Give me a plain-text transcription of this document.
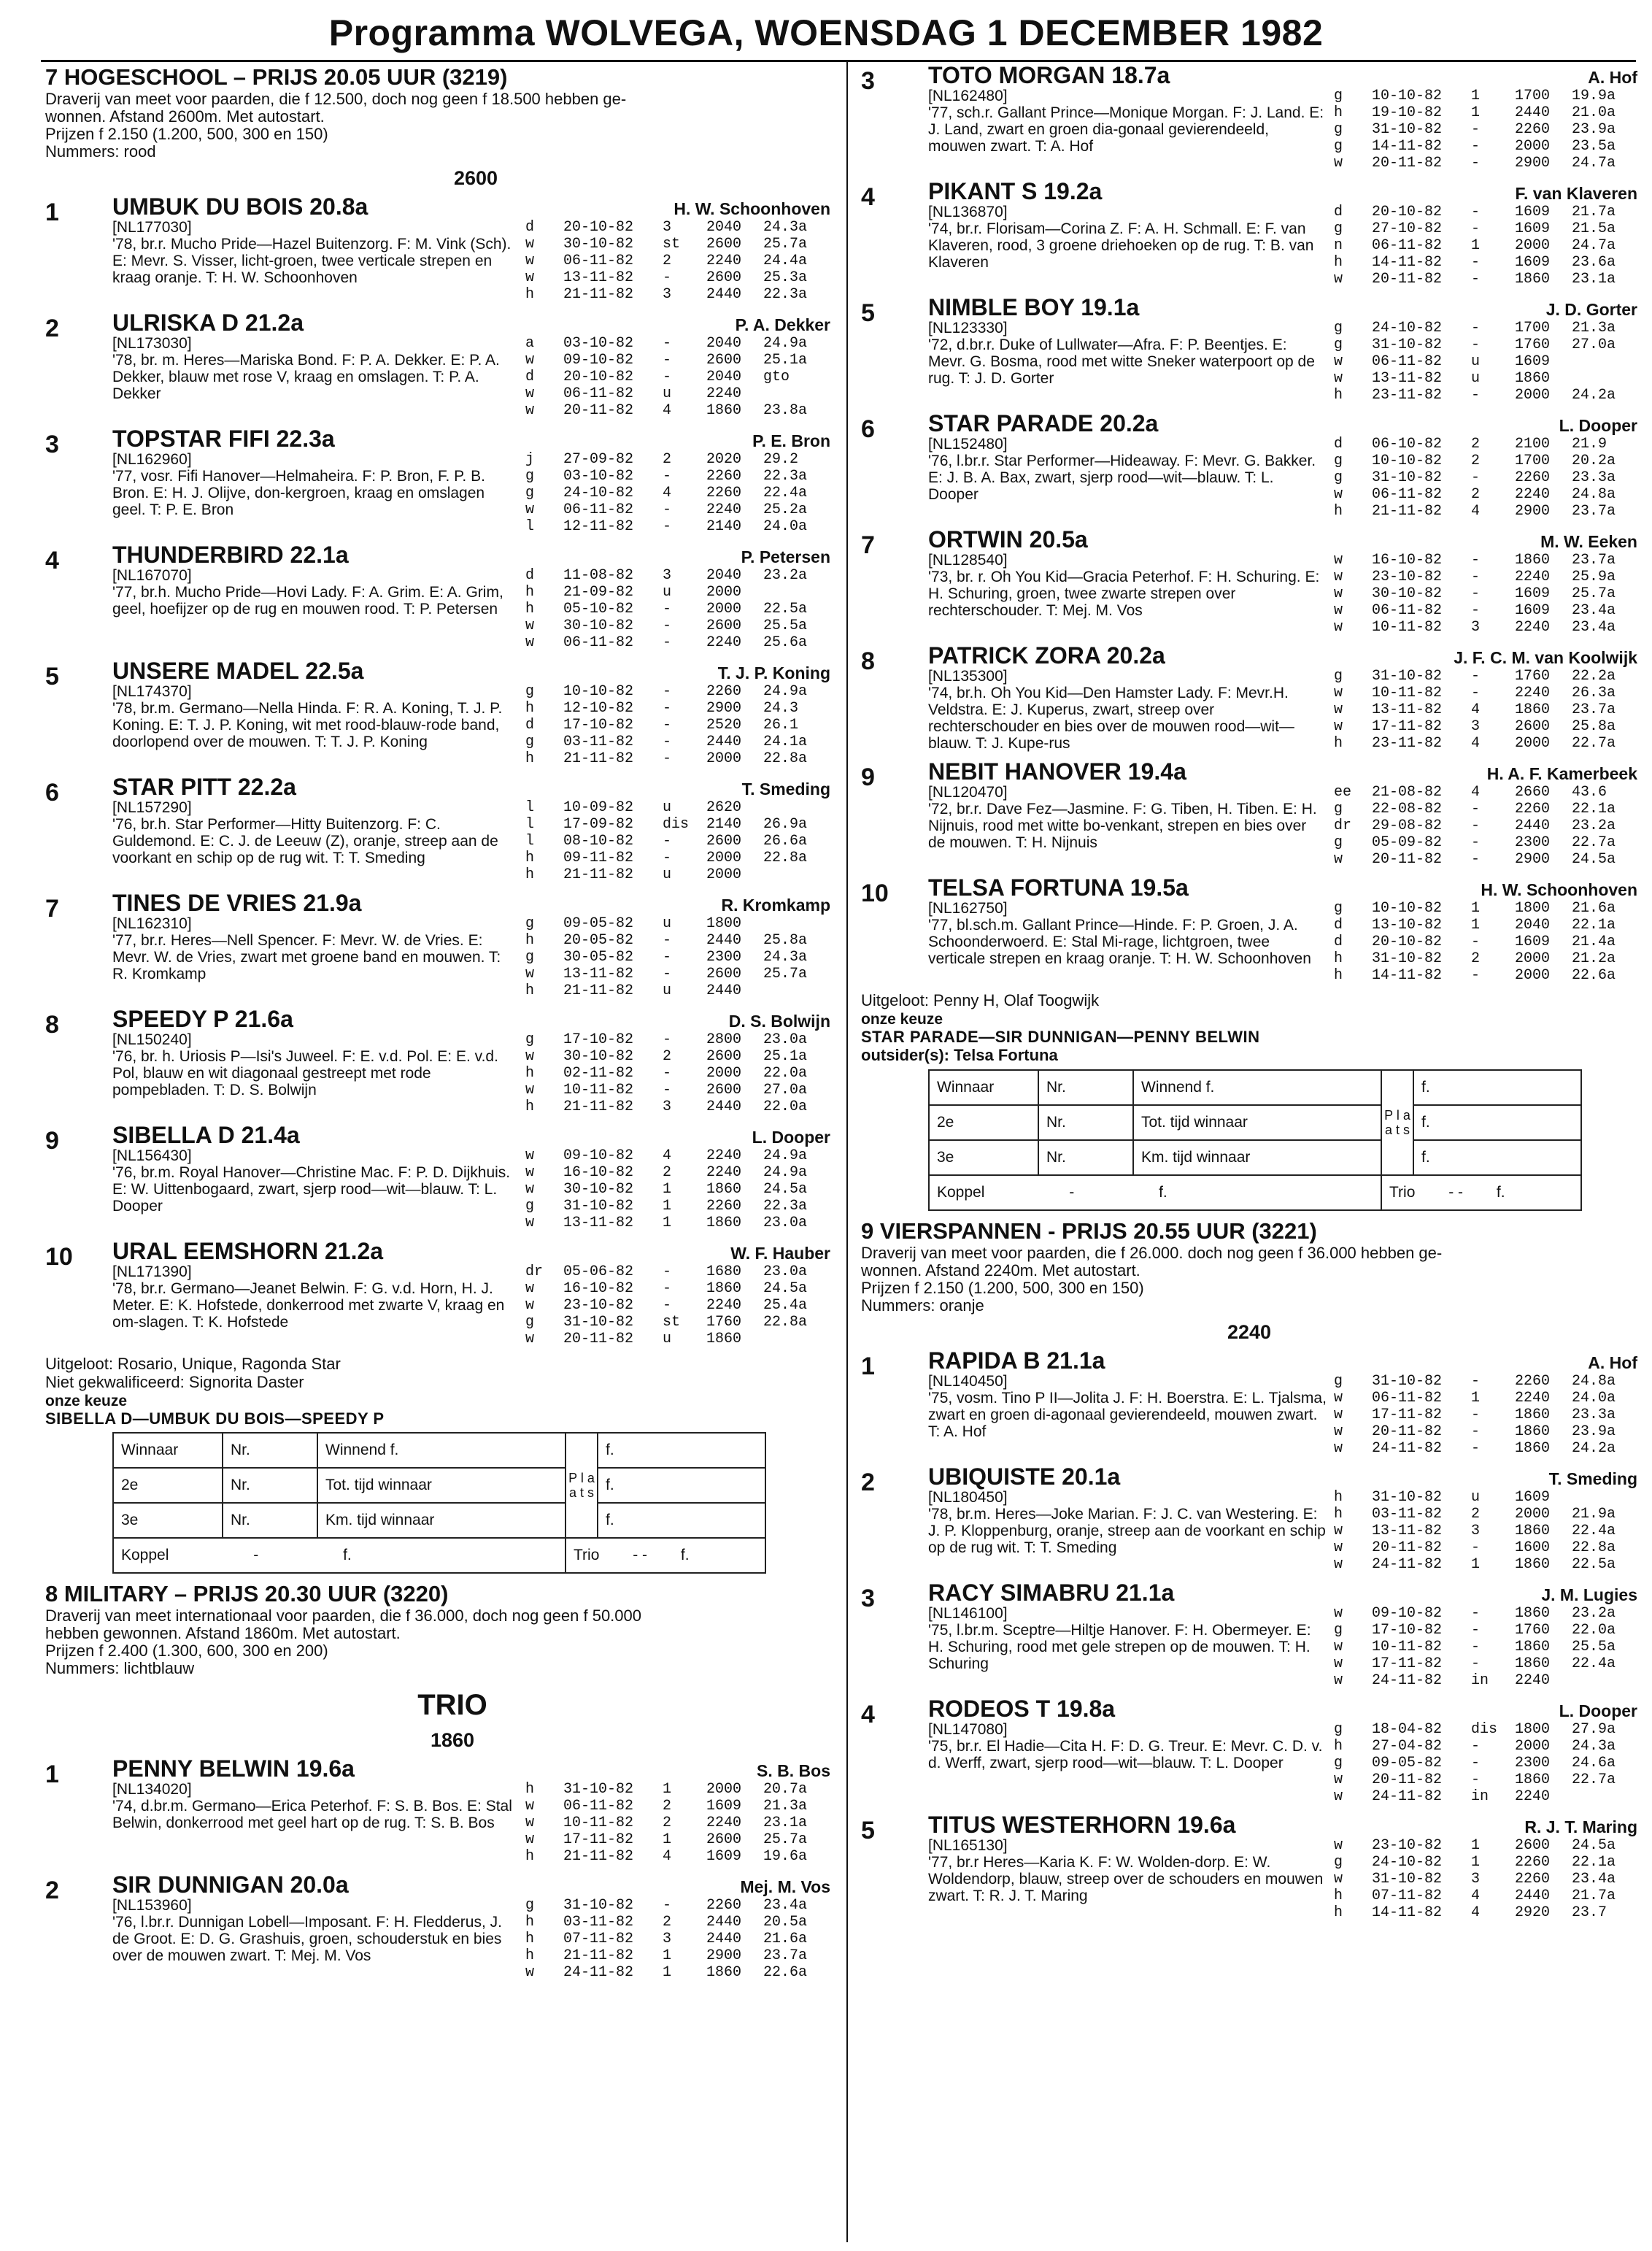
Programma WOLVEGA, WOENSDAG 1 DECEMBER 1982
7 HOGESCHOOL – PRIJS 20.05 UUR (3219)
Draverij van meet voor paarden, die f 12.500, doch nog geen f 18.500 hebben ge-
wonnen. Afstand 2600m. Met autostart.
Prijzen f 2.150 (1.200, 500, 300 en 150)
Nummers: rood
2600
1	UMBUK DU BOIS 20.8a	H. W. Schoonhoven
[NL177030]
'78, br.r. Mucho Pride—Hazel Buitenzorg. F: M. Vink (Sch). E: Mevr. S. Visser, licht-groen, twee verticale strepen en kraag oranje. T: H. W. Schoonhoven
d	20-10-82	3	2040	24.3a
w	30-10-82	st	2600	25.7a
w	06-11-82	2	2240	24.4a
w	13-11-82	-	2600	25.3a
h	21-11-82	3	2440	22.3a
2	ULRISKA D 21.2a	P. A. Dekker
[NL173030]
'78, br. m. Heres—Mariska Bond. F: P. A. Dekker. E: P. A. Dekker, blauw met rose V, kraag en omslagen. T: P. A. Dekker
a	03-10-82	-	2040	24.9a
w	09-10-82	-	2600	25.1a
d	20-10-82	-	2040	gto
w	06-11-82	u	2240
w	20-11-82	4	1860	23.8a
3	TOPSTAR FIFI 22.3a	P. E. Bron
[NL162960]
'77, vosr. Fifi Hanover—Helmaheira. F: P. Bron, F. P. B. Bron. E: H. J. Olijve, don-kergroen, kraag en omslagen geel. T: P. E. Bron
j	27-09-82	2	2020	29.2
g	03-10-82	-	2260	22.3a
g	24-10-82	4	2260	22.4a
w	06-11-82	-	2240	25.2a
l	12-11-82	-	2140	24.0a
4	THUNDERBIRD 22.1a	P. Petersen
[NL167070]
'77, br.h. Mucho Pride—Hovi Lady. F: A. Grim. E: A. Grim, geel, hoefijzer op de rug en mouwen rood. T: P. Petersen
d	11-08-82	3	2040	23.2a
h	21-09-82	u	2000
h	05-10-82	-	2000	22.5a
w	30-10-82	-	2600	25.5a
w	06-11-82	-	2240	25.6a
5	UNSERE MADEL 22.5a	T. J. P. Koning
[NL174370]
'78, br.m. Germano—Nella Hinda. F: R. A. Koning, T. J. P. Koning. E: T. J. P. Koning, wit met rood-blauw-rode band, doorlopend over de mouwen. T: T. J. P. Koning
g	10-10-82	-	2260	24.9a
h	12-10-82	-	2900	24.3
d	17-10-82	-	2520	26.1
g	03-11-82	-	2440	24.1a
h	21-11-82	-	2000	22.8a
6	STAR PITT 22.2a	T. Smeding
[NL157290]
'76, br.h. Star Performer—Hitty Buitenzorg. F: C. Guldemond. E: C. J. de Leeuw (Z), oranje, streep aan de voorkant en schip op de rug wit. T: T. Smeding
l	10-09-82	u	2620
l	17-09-82	dis	2140	26.9a
l	08-10-82	-	2600	26.6a
h	09-11-82	-	2000	22.8a
h	21-11-82	u	2000
7	TINES DE VRIES 21.9a	R. Kromkamp
[NL162310]
'77, br.r. Heres—Nell Spencer. F: Mevr. W. de Vries. E: Mevr. W. de Vries, zwart met groene band en mouwen. T: R. Kromkamp
g	09-05-82	u	1800
h	20-05-82	-	2440	25.8a
g	30-05-82	-	2300	24.3a
w	13-11-82	-	2600	25.7a
h	21-11-82	u	2440
8	SPEEDY P 21.6a	D. S. Bolwijn
[NL150240]
'76, br. h. Uriosis P—Isi's Juweel. F: E. v.d. Pol. E: E. v.d. Pol, blauw en wit diagonaal gestreept met rode pompebladen. T: D. S. Bolwijn
g	17-10-82	-	2800	23.0a
w	30-10-82	2	2600	25.1a
h	02-11-82	-	2000	22.0a
w	10-11-82	-	2600	27.0a
h	21-11-82	3	2440	22.0a
9	SIBELLA D 21.4a	L. Dooper
[NL156430]
'76, br.m. Royal Hanover—Christine Mac. F: P. D. Dijkhuis. E: W. Uittenbogaard, zwart, sjerp rood—wit—blauw. T: L. Dooper
w	09-10-82	4	2240	24.9a
w	16-10-82	2	2240	24.9a
w	30-10-82	1	1860	24.5a
g	31-10-82	1	2260	22.3a
w	13-11-82	1	1860	23.0a
10	URAL EEMSHORN 21.2a	W. F. Hauber
[NL171390]
'78, br.r. Germano—Jeanet Belwin. F: G. v.d. Horn, H. J. Meter. E: K. Hofstede, donkerrood met zwarte V, kraag en om-slagen. T: K. Hofstede
dr	05-06-82	-	1680	23.0a
w	16-10-82	-	1860	24.5a
w	23-10-82	-	2240	25.4a
g	31-10-82	st	1760	22.8a
w	20-11-82	u	1860
Uitgeloot: Rosario, Unique, Ragonda Star
Niet gekwalificeerd: Signorita Daster
onze keuze
SIBELLA D—UMBUK DU BOIS—SPEEDY P
Winnaar	Nr.	Winnend f.	P l a a t s	f.
2e	Nr.	Tot. tijd winnaar		f.
3e	Nr.	Km. tijd winnaar		f.
Koppel - f.			Trio - - f.	
8 MILITARY – PRIJS 20.30 UUR (3220)
Draverij van meet internationaal voor paarden, die f 36.000, doch nog geen f 50.000
hebben gewonnen. Afstand 1860m. Met autostart.
Prijzen f 2.400 (1.300, 600, 300 en 200)
Nummers: lichtblauw
TRIO
1860
1	PENNY BELWIN 19.6a	S. B. Bos
[NL134020]
'74, d.br.m. Germano—Erica Peterhof. F: S. B. Bos. E: Stal Belwin, donkerrood met geel hart op de rug. T: S. B. Bos
h	31-10-82	1	2000	20.7a
w	06-11-82	2	1609	21.3a
w	10-11-82	2	2240	23.1a
w	17-11-82	1	2600	25.7a
h	21-11-82	4	1609	19.6a
2	SIR DUNNIGAN 20.0a	Mej. M. Vos
[NL153960]
'76, l.br.r. Dunnigan Lobell—Imposant. F: H. Fledderus, J. de Groot. E: D. G. Grashuis, groen, schouderstuk en bies over de mouwen zwart. T: Mej. M. Vos
g	31-10-82	-	2260	23.4a
h	03-11-82	2	2440	20.5a
h	07-11-82	3	2440	21.6a
h	21-11-82	1	2900	23.7a
w	24-11-82	1	1860	22.6a
3	TOTO MORGAN 18.7a	A. Hof
[NL162480]
'77, sch.r. Gallant Prince—Monique Morgan. F: J. Land. E: J. Land, zwart en groen dia-gonaal gevierendeeld, mouwen zwart. T: A. Hof
g	10-10-82	1	1700	19.9a
h	19-10-82	1	2440	21.0a
g	31-10-82	-	2260	23.9a
g	14-11-82	-	2000	23.5a
w	20-11-82	-	2900	24.7a
4	PIKANT S 19.2a	F. van Klaveren
[NL136870]
'74, br.r. Florisam—Corina Z. F: A. H. Schmall. E: F. van Klaveren, rood, 3 groene driehoeken op de rug. T: B. van Klaveren
d	20-10-82	-	1609	21.7a
g	27-10-82	-	1609	21.5a
n	06-11-82	1	2000	24.7a
h	14-11-82	-	1609	23.6a
w	20-11-82	-	1860	23.1a
5	NIMBLE BOY 19.1a	J. D. Gorter
[NL123330]
'72, d.br.r. Duke of Lullwater—Afra. F: P. Beentjes. E: Mevr. G. Bosma, rood met witte Sneker waterpoort op de rug. T: J. D. Gorter
g	24-10-82	-	1700	21.3a
g	31-10-82	-	1760	27.0a
w	06-11-82	u	1609
w	13-11-82	u	1860
h	23-11-82	-	2000	24.2a
6	STAR PARADE 20.2a	L. Dooper
[NL152480]
'76, l.br.r. Star Performer—Hideaway. F: Mevr. G. Bakker. E: J. B. A. Bax, zwart, sjerp rood—wit—blauw. T: L. Dooper
d	06-10-82	2	2100	21.9
g	10-10-82	2	1700	20.2a
g	31-10-82	-	2260	23.3a
w	06-11-82	2	2240	24.8a
h	21-11-82	4	2900	23.7a
7	ORTWIN 20.5a	M. W. Eeken
[NL128540]
'73, br. r. Oh You Kid—Gracia Peterhof. F: H. Schuring. E: H. Schuring, groen, twee zwarte strepen over rechterschouder. T: Mej. M. Vos
w	16-10-82	-	1860	23.7a
w	23-10-82	-	2240	25.9a
w	30-10-82	-	1609	25.7a
w	06-11-82	-	1609	23.4a
w	10-11-82	3	2240	23.4a
8	PATRICK ZORA 20.2a	J. F. C. M. van Koolwijk
[NL135300]
'74, br.h. Oh You Kid—Den Hamster Lady. F: Mevr.H. Veldstra. E: J. Kuperus, zwart, streep over rechterschouder en bies over de mouwen rood—wit—blauw. T: J. Kupe-rus
g	31-10-82	-	1760	22.2a
w	10-11-82	-	2240	26.3a
w	13-11-82	4	1860	23.7a
w	17-11-82	3	2600	25.8a
h	23-11-82	4	2000	22.7a
9	NEBIT HANOVER 19.4a	H. A. F. Kamerbeek
[NL120470]
'72, br.r. Dave Fez—Jasmine. F: G. Tiben, H. Tiben. E: H. Nijnuis, rood met witte bo-venkant, strepen en bies over de mouwen. T: H. Nijnuis
ee	21-08-82	4	2660	43.6
g	22-08-82	-	2260	22.1a
dr	29-08-82	-	2440	23.2a
g	05-09-82	-	2300	22.7a
w	20-11-82	-	2900	24.5a
10	TELSA FORTUNA 19.5a	H. W. Schoonhoven
[NL162750]
'77, bl.sch.m. Gallant Prince—Hinde. F: P. Groen, J. A. Schoonderwoerd. E: Stal Mi-rage, lichtgroen, twee verticale strepen en kraag oranje. T: H. W. Schoonhoven
g	10-10-82	1	1800	21.6a
d	13-10-82	1	2040	22.1a
d	20-10-82	-	1609	21.4a
h	31-10-82	2	2000	21.2a
h	14-11-82	-	2000	22.6a
Uitgeloot: Penny H, Olaf Toogwijk
onze keuze
STAR PARADE—SIR DUNNIGAN—PENNY BELWIN
outsider(s): Telsa Fortuna
Winnaar	Nr.	Winnend f.	P l a a t s	f.
2e	Nr.	Tot. tijd winnaar		f.
3e	Nr.	Km. tijd winnaar		f.
Koppel - f.			Trio - - f.	
9 VIERSPANNEN - PRIJS 20.55 UUR (3221)
Draverij van meet voor paarden, die f 26.000. doch nog geen f 36.000 hebben ge-
wonnen. Afstand 2240m. Met autostart.
Prijzen f 2.150 (1.200, 500, 300 en 150)
Nummers: oranje
2240
1	RAPIDA B 21.1a	A. Hof
[NL140450]
'75, vosm. Tino P II—Jolita J. F: H. Boerstra. E: L. Tjalsma, zwart en groen di-agonaal gevierendeeld, mouwen zwart. T: A. Hof
g	31-10-82	-	2260	24.8a
w	06-11-82	1	2240	24.0a
w	17-11-82	-	1860	23.3a
w	20-11-82	-	1860	23.9a
w	24-11-82	-	1860	24.2a
2	UBIQUISTE 20.1a	T. Smeding
[NL180450]
'78, br.m. Heres—Joke Marian. F: J. C. van Westering. E: J. P. Kloppenburg, oranje, streep aan de voorkant en schip op de rug wit. T: T. Smeding
h	31-10-82	u	1609
h	03-11-82	2	2000	21.9a
w	13-11-82	3	1860	22.4a
w	20-11-82	-	1600	22.8a
w	24-11-82	1	1860	22.5a
3	RACY SIMABRU 21.1a	J. M. Lugies
[NL146100]
'75, l.br.m. Sceptre—Hiltje Hanover. F: H. Obermeyer. E: H. Schuring, rood met gele strepen op de mouwen. T: H. Schuring
w	09-10-82	-	1860	23.2a
g	17-10-82	-	1760	22.0a
w	10-11-82	-	1860	25.5a
w	17-11-82	-	1860	22.4a
w	24-11-82	in	2240
4	RODEOS T 19.8a	L. Dooper
[NL147080]
'75, br.r. El Hadie—Cita H. F: D. G. Treur. E: Mevr. C. D. v. d. Werff, zwart, sjerp rood—wit—blauw. T: L. Dooper
g	18-04-82	dis	1800	27.9a
h	27-04-82	-	2000	24.3a
g	09-05-82	-	2300	24.6a
w	20-11-82	-	1860	22.7a
w	24-11-82	in	2240
5	TITUS WESTERHORN 19.6a	R. J. T. Maring
[NL165130]
'77, br.r Heres—Karia K. F: W. Wolden-dorp. E: W. Woldendorp, blauw, streep over de schouders en mouwen zwart. T: R. J. T. Maring
w	23-10-82	1	2600	24.5a
g	24-10-82	1	2260	22.1a
w	31-10-82	3	2260	23.4a
h	07-11-82	4	2440	21.7a
h	14-11-82	4	2920	23.7
